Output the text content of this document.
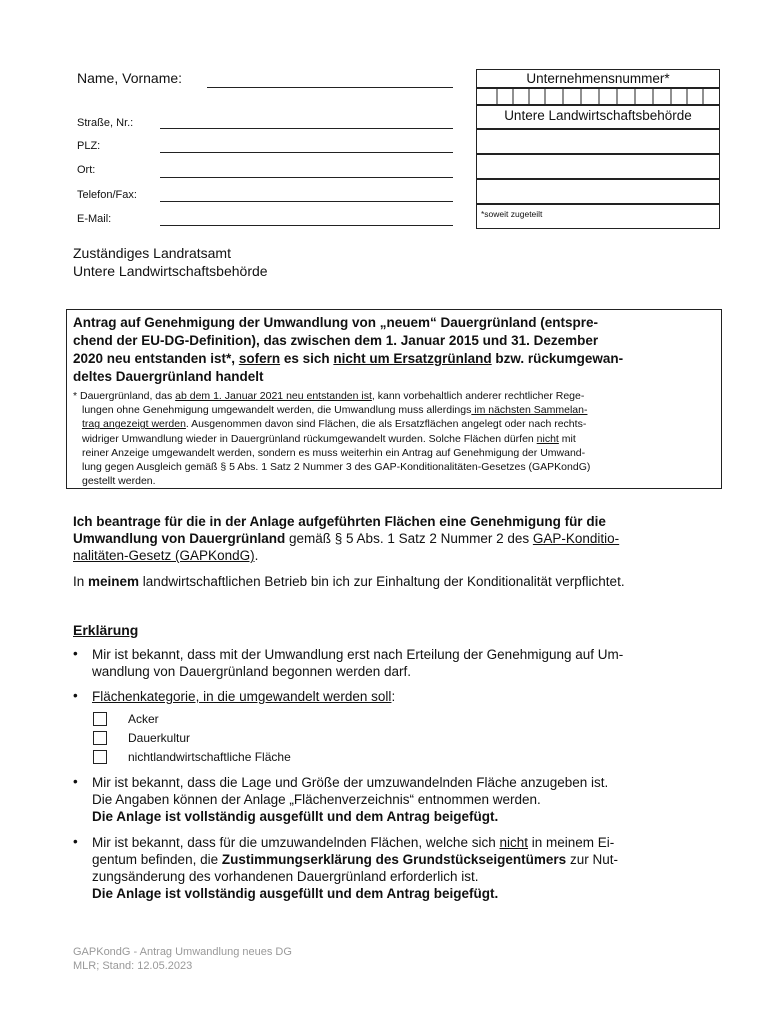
Name, Vorname:
Straße, Nr.:
PLZ:
Ort:
Telefon/Fax:
E-Mail:
Unternehmensnummer*
Untere Landwirtschaftsbehörde
*soweit zugeteilt
Zuständiges Landratsamt
Untere Landwirtschaftsbehörde
Antrag auf Genehmigung der Umwandlung von „neuem“ Dauergrünland (entspre-
chend der EU-DG-Definition), das zwischen dem 1. Januar 2015 und 31. Dezember
2020 neu entstanden ist*, sofern es sich nicht um Ersatzgrünland bzw. rückumgewan-
deltes Dauergrünland handelt
* Dauergrünland, das ab dem 1. Januar 2021 neu entstanden ist, kann vorbehaltlich anderer rechtlicher Rege-
lungen ohne Genehmigung umgewandelt werden, die Umwandlung muss allerdings im nächsten Sammelan-
trag angezeigt werden. Ausgenommen davon sind Flächen, die als Ersatzflächen angelegt oder nach rechts-
widriger Umwandlung wieder in Dauergrünland rückumgewandelt wurden. Solche Flächen dürfen nicht mit
reiner Anzeige umgewandelt werden, sondern es muss weiterhin ein Antrag auf Genehmigung der Umwand-
lung gegen Ausgleich gemäß § 5 Abs. 1 Satz 2 Nummer 3 des GAP-Konditionalitäten-Gesetzes (GAPKondG)
gestellt werden.
Ich beantrage für die in der Anlage aufgeführten Flächen eine Genehmigung für die
Umwandlung von Dauergrünland gemäß § 5 Abs. 1 Satz 2 Nummer 2 des GAP-Konditio-
nalitäten-Gesetz (GAPKondG).
In meinem landwirtschaftlichen Betrieb bin ich zur Einhaltung der Konditionalität verpflichtet.
Erklärung
• Mir ist bekannt, dass mit der Umwandlung erst nach Erteilung der Genehmigung auf Um-
wandlung von Dauergrünland begonnen werden darf.
• Flächenkategorie, in die umgewandelt werden soll:
Acker
Dauerkultur
nichtlandwirtschaftliche Fläche
• Mir ist bekannt, dass die Lage und Größe der umzuwandelnden Fläche anzugeben ist.
Die Angaben können der Anlage „Flächenverzeichnis“ entnommen werden.
Die Anlage ist vollständig ausgefüllt und dem Antrag beigefügt.
• Mir ist bekannt, dass für die umzuwandelnden Flächen, welche sich nicht in meinem Ei-
gentum befinden, die Zustimmungserklärung des Grundstückseigentümers zur Nut-
zungsänderung des vorhandenen Dauergrünland erforderlich ist.
Die Anlage ist vollständig ausgefüllt und dem Antrag beigefügt.
GAPKondG - Antrag Umwandlung neues DG
MLR; Stand: 12.05.2023
